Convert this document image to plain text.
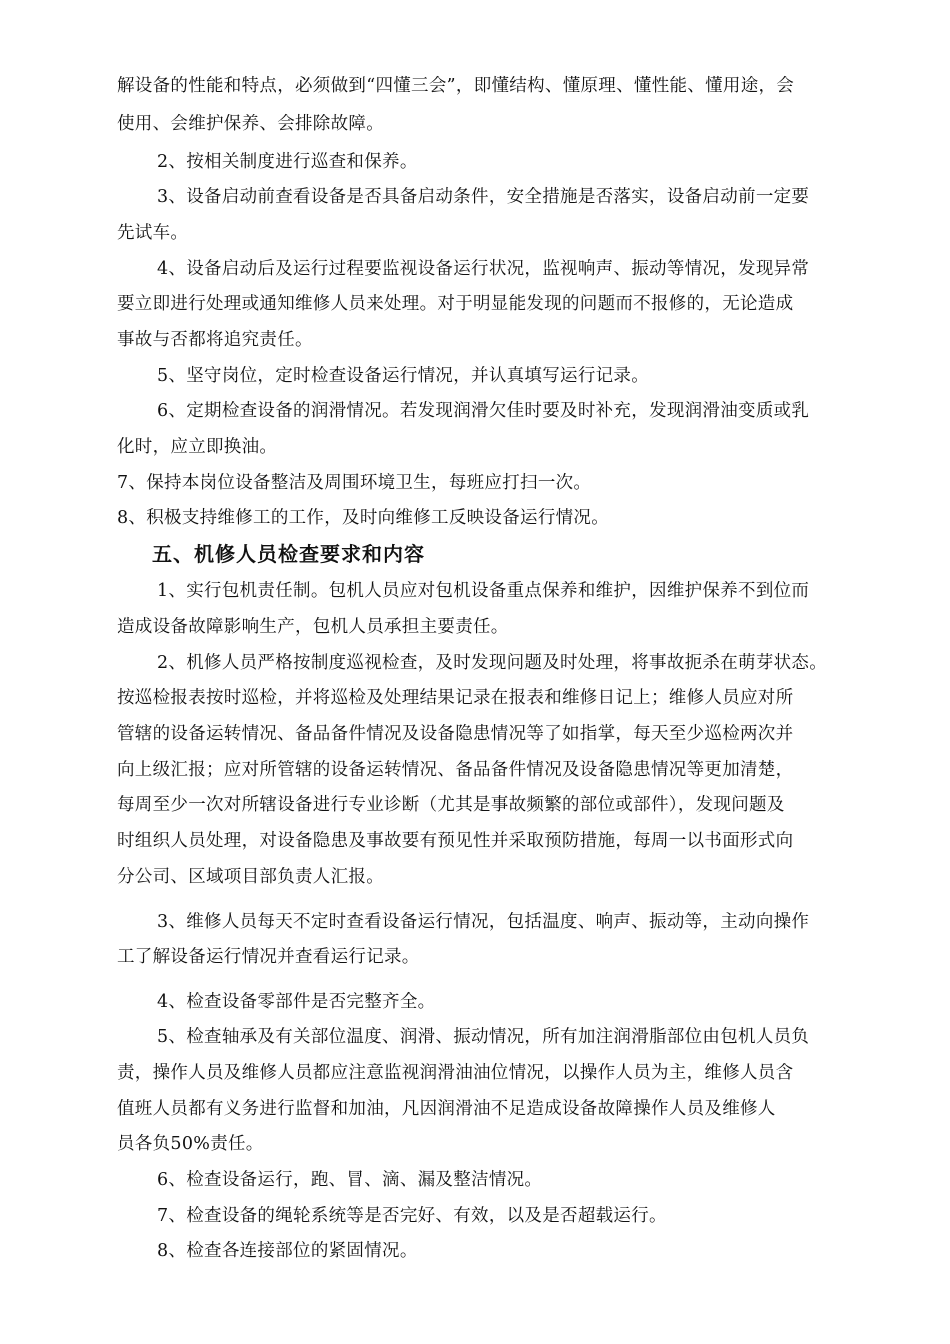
解设备的性能和特点，必须做到“四懂三会”，即懂结构、懂原理、懂性能、懂用途，会
使用、会维护保养、会排除故障。
2、按相关制度进行巡查和保养。
3、设备启动前查看设备是否具备启动条件，安全措施是否落实，设备启动前一定要
先试车。
4、设备启动后及运行过程要监视设备运行状况，监视响声、振动等情况，发现异常
要立即进行处理或通知维修人员来处理。对于明显能发现的问题而不报修的，无论造成
事故与否都将追究责任。
5、坚守岗位，定时检查设备运行情况，并认真填写运行记录。
6、定期检查设备的润滑情况。若发现润滑欠佳时要及时补充，发现润滑油变质或乳
化时，应立即换油。
7、保持本岗位设备整洁及周围环境卫生，每班应打扫一次。
8、积极支持维修工的工作，及时向维修工反映设备运行情况。
五、机修人员检查要求和内容
1、实行包机责任制。包机人员应对包机设备重点保养和维护，因维护保养不到位而
造成设备故障影响生产，包机人员承担主要责任。
2、机修人员严格按制度巡视检查，及时发现问题及时处理，将事故扼杀在萌芽状态。
按巡检报表按时巡检，并将巡检及处理结果记录在报表和维修日记上；维修人员应对所
管辖的设备运转情况、备品备件情况及设备隐患情况等了如指掌，每天至少巡检两次并
向上级汇报；应对所管辖的设备运转情况、备品备件情况及设备隐患情况等更加清楚，
每周至少一次对所辖设备进行专业诊断（尤其是事故频繁的部位或部件），发现问题及
时组织人员处理，对设备隐患及事故要有预见性并采取预防措施，每周一以书面形式向
分公司、区域项目部负责人汇报。
3、维修人员每天不定时查看设备运行情况，包括温度、响声、振动等，主动向操作
工了解设备运行情况并查看运行记录。
4、检查设备零部件是否完整齐全。
5、检查轴承及有关部位温度、润滑、振动情况，所有加注润滑脂部位由包机人员负
责，操作人员及维修人员都应注意监视润滑油油位情况，以操作人员为主，维修人员含
值班人员都有义务进行监督和加油，凡因润滑油不足造成设备故障操作人员及维修人
员各负50%责任。
6、检查设备运行，跑、冒、滴、漏及整洁情况。
7、检查设备的绳轮系统等是否完好、有效，以及是否超载运行。
8、检查各连接部位的紧固情况。
